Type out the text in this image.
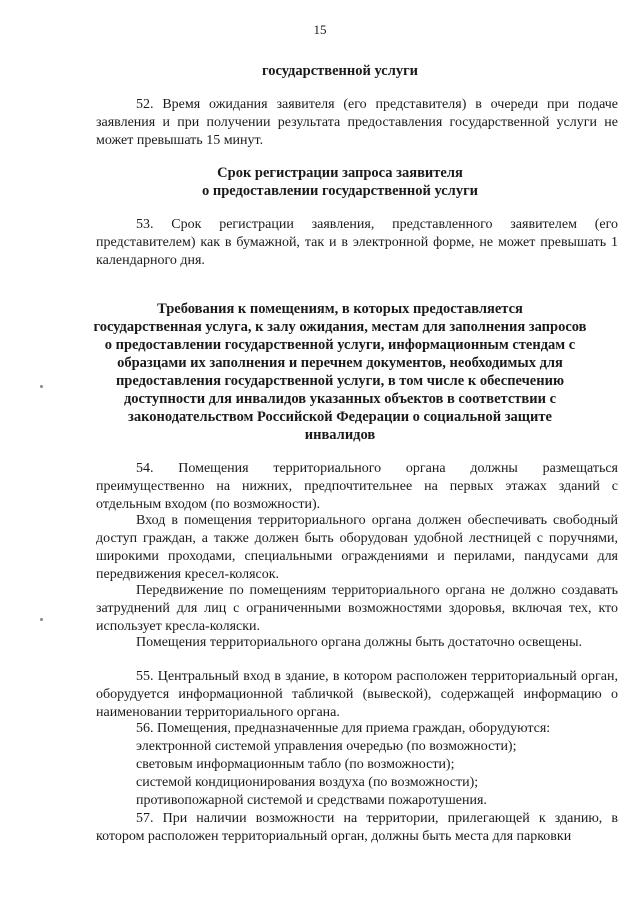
15
государственной услуги
52. Время ожидания заявителя (его представителя) в очереди при подаче заявления и при получении результата предоставления государственной услуги не может превышать 15 минут.
Срок регистрации запроса заявителя
о предоставлении государственной услуги
53. Срок регистрации заявления, представленного заявителем (его представителем) как в бумажной, так и в электронной форме, не может превышать 1 календарного дня.
Требования к помещениям, в которых предоставляется
государственная услуга, к залу ожидания, местам для заполнения запросов
о предоставлении государственной услуги, информационным стендам с
образцами их заполнения и перечнем документов, необходимых для
предоставления государственной услуги, в том числе к обеспечению
доступности для инвалидов указанных объектов в соответствии с
законодательством Российской Федерации о социальной защите
инвалидов
54. Помещения территориального органа должны размещаться преимущественно на нижних, предпочтительнее на первых этажах зданий с отдельным входом (по возможности).
Вход в помещения территориального органа должен обеспечивать свободный доступ граждан, а также должен быть оборудован удобной лестницей с поручнями, широкими проходами, специальными ограждениями и перилами, пандусами для передвижения кресел-колясок.
Передвижение по помещениям территориального органа не должно создавать затруднений для лиц с ограниченными возможностями здоровья, включая тех, кто использует кресла-коляски.
Помещения территориального органа должны быть достаточно освещены.
55. Центральный вход в здание, в котором расположен территориальный орган, оборудуется информационной табличкой (вывеской), содержащей информацию о наименовании территориального органа.
56. Помещения, предназначенные для приема граждан, оборудуются:
электронной системой управления очередью (по возможности);
световым информационным табло (по возможности);
системой кондиционирования воздуха (по возможности);
противопожарной системой и средствами пожаротушения.
57. При наличии возможности на территории, прилегающей к зданию, в котором расположен территориальный орган, должны быть места для парковки
